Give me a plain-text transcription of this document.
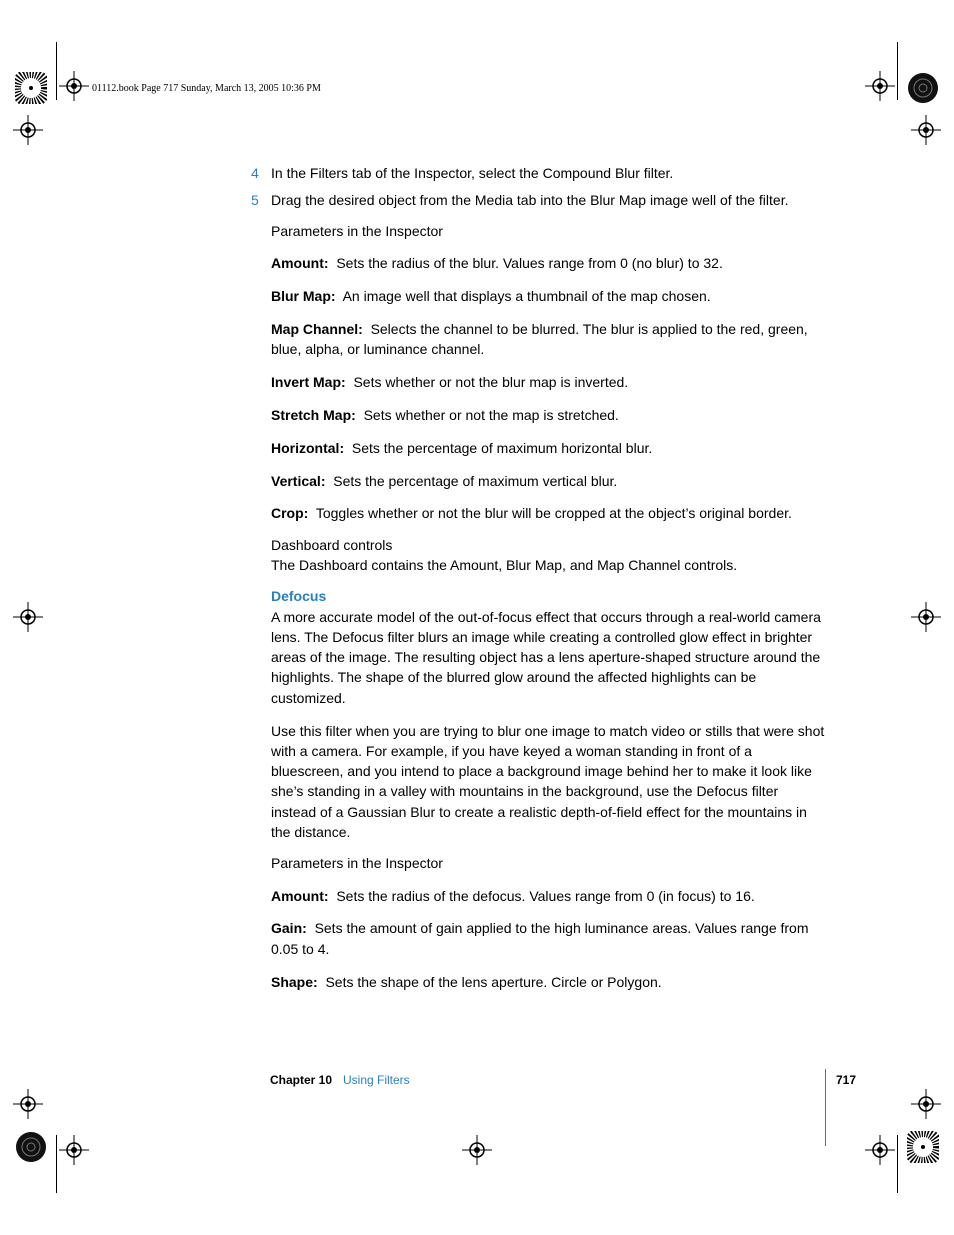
01112.book Page 717 Sunday, March 13, 2005 10:36 PM
4 In the Filters tab of the Inspector, select the Compound Blur filter.
5 Drag the desired object from the Media tab into the Blur Map image well of the filter.
Parameters in the Inspector
Amount: Sets the radius of the blur. Values range from 0 (no blur) to 32.
Blur Map: An image well that displays a thumbnail of the map chosen.
Map Channel: Selects the channel to be blurred. The blur is applied to the red, green, blue, alpha, or luminance channel.
Invert Map: Sets whether or not the blur map is inverted.
Stretch Map: Sets whether or not the map is stretched.
Horizontal: Sets the percentage of maximum horizontal blur.
Vertical: Sets the percentage of maximum vertical blur.
Crop: Toggles whether or not the blur will be cropped at the object’s original border.
Dashboard controls
The Dashboard contains the Amount, Blur Map, and Map Channel controls.
Defocus
A more accurate model of the out-of-focus effect that occurs through a real-world camera lens. The Defocus filter blurs an image while creating a controlled glow effect in brighter areas of the image. The resulting object has a lens aperture-shaped structure around the highlights. The shape of the blurred glow around the affected highlights can be customized.
Use this filter when you are trying to blur one image to match video or stills that were shot with a camera. For example, if you have keyed a woman standing in front of a bluescreen, and you intend to place a background image behind her to make it look like she’s standing in a valley with mountains in the background, use the Defocus filter instead of a Gaussian Blur to create a realistic depth-of-field effect for the mountains in the distance.
Parameters in the Inspector
Amount: Sets the radius of the defocus. Values range from 0 (in focus) to 16.
Gain: Sets the amount of gain applied to the high luminance areas. Values range from 0.05 to 4.
Shape: Sets the shape of the lens aperture. Circle or Polygon.
Chapter 10 Using Filters	717
